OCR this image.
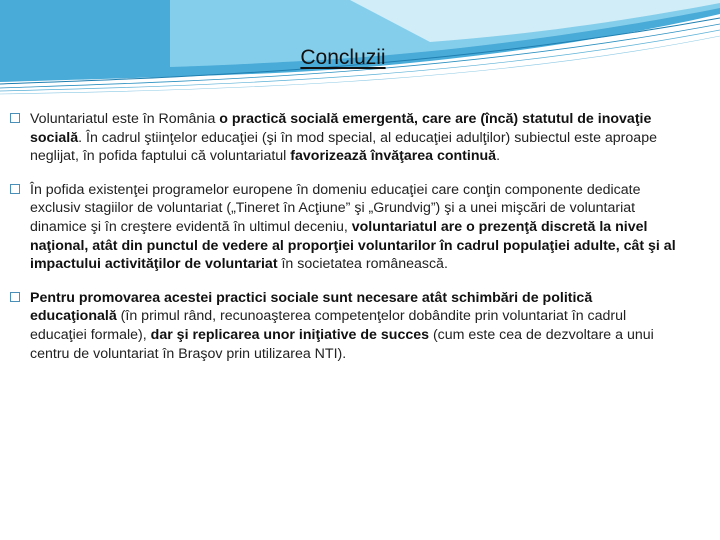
Concluzii
Voluntariatul este în România o practică socială emergentă, care are (încă) statutul de inovaţie socială. În cadrul ştiinţelor educaţiei (şi în mod special, al educaţiei adulţilor) subiectul este aproape neglijat, în pofida faptului că voluntariatul favorizează învăţarea continuă.
În pofida existenţei programelor europene în domeniu educaţiei care conţin componente dedicate exclusiv stagiilor de voluntariat („Tineret în Acţiune” şi „Grundvig”) şi a unei mişcări de voluntariat dinamice şi în creştere evidentă în ultimul deceniu, voluntariatul are o prezenţă discretă la nivel naţional, atât din punctul de vedere al proporţiei voluntarilor în cadrul populaţiei adulte, cât şi al impactului activităţilor de voluntariat în societatea românească.
Pentru promovarea acestei practici sociale sunt necesare atât schimbări de politică educaţională (în primul rând, recunoaşterea competenţelor dobândite prin voluntariat în cadrul educaţiei formale), dar şi replicarea unor iniţiative de succes (cum este cea de dezvoltare a unui centru de voluntariat în Braşov prin utilizarea NTI).
